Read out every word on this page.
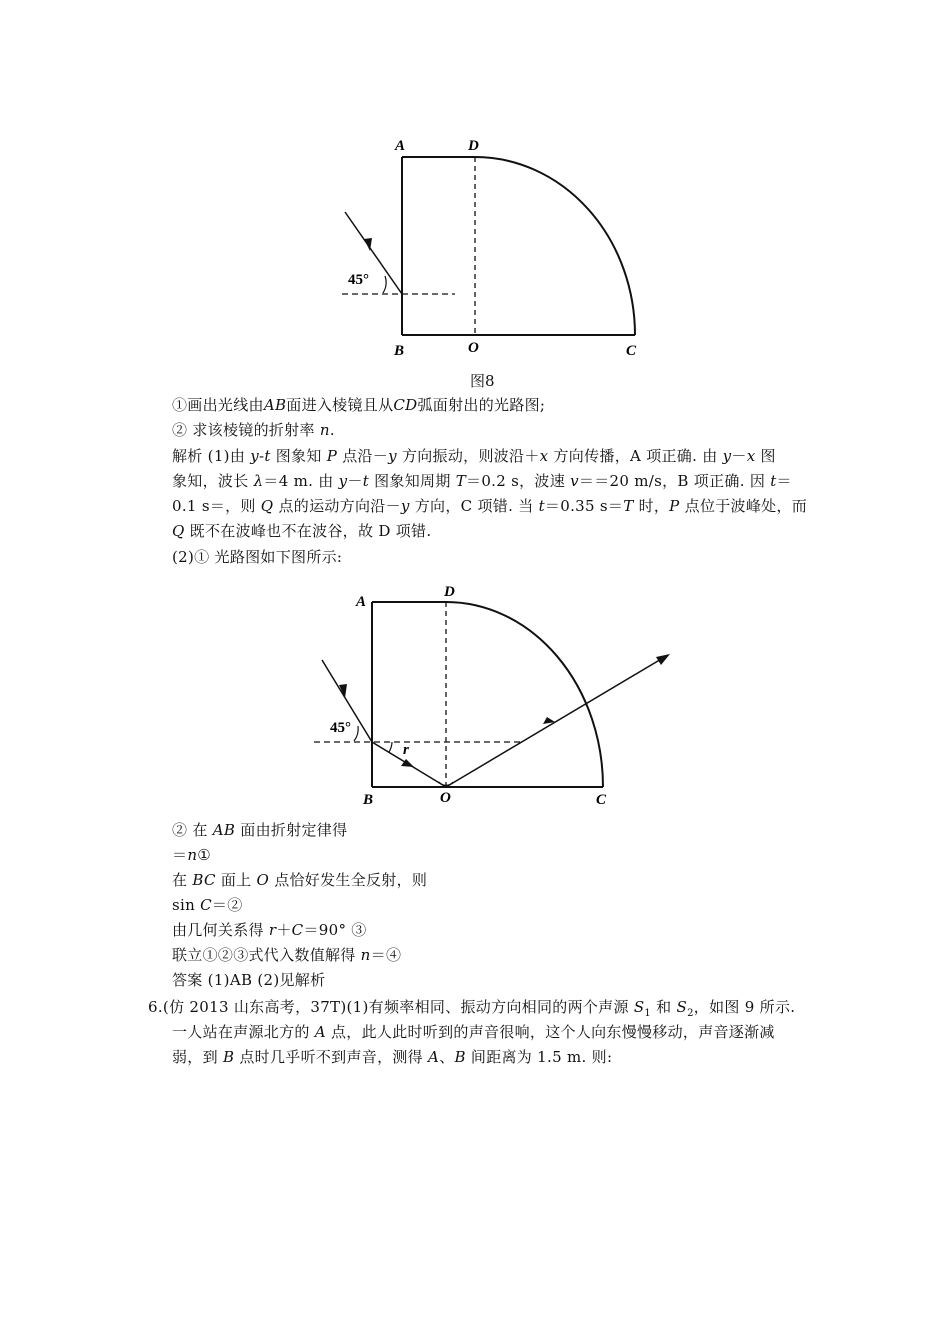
45°
A	D
B	O	C
图8
①画出光线由AB面进入棱镜且从CD弧面射出的光路图;
② 求该棱镜的折射率 n.
解析 (1)由 y-t 图象知 P 点沿－y 方向振动，则波沿＋x 方向传播，A 项正确. 由 y－x 图
象知，波长 λ＝4 m. 由 y－t 图象知周期 T＝0.2 s，波速 v＝＝20 m/s，B 项正确. 因 t＝
0.1 s＝，则 Q 点的运动方向沿－y 方向，C 项错. 当 t＝0.35 s＝T 时，P 点位于波峰处，而
Q 既不在波峰也不在波谷，故 D 项错.
(2)① 光路图如下图所示:
45°
r
A
D
B	O	C
② 在 AB 面由折射定律得
＝n①
在 BC 面上 O 点恰好发生全反射，则
sin C＝②
由几何关系得 r＋C＝90° ③
联立①②③式代入数值解得 n＝④
答案 (1)AB (2)见解析
6.(仿 2013 山东高考，37T)(1)有频率相同、振动方向相同的两个声源 $S_1$ 和 $S_2$，如图 9 所示.
一人站在声源北方的 A 点，此人此时听到的声音很响，这个人向东慢慢移动，声音逐渐减
弱，到 B 点时几乎听不到声音，测得 A、B 间距离为 1.5 m. 则:
